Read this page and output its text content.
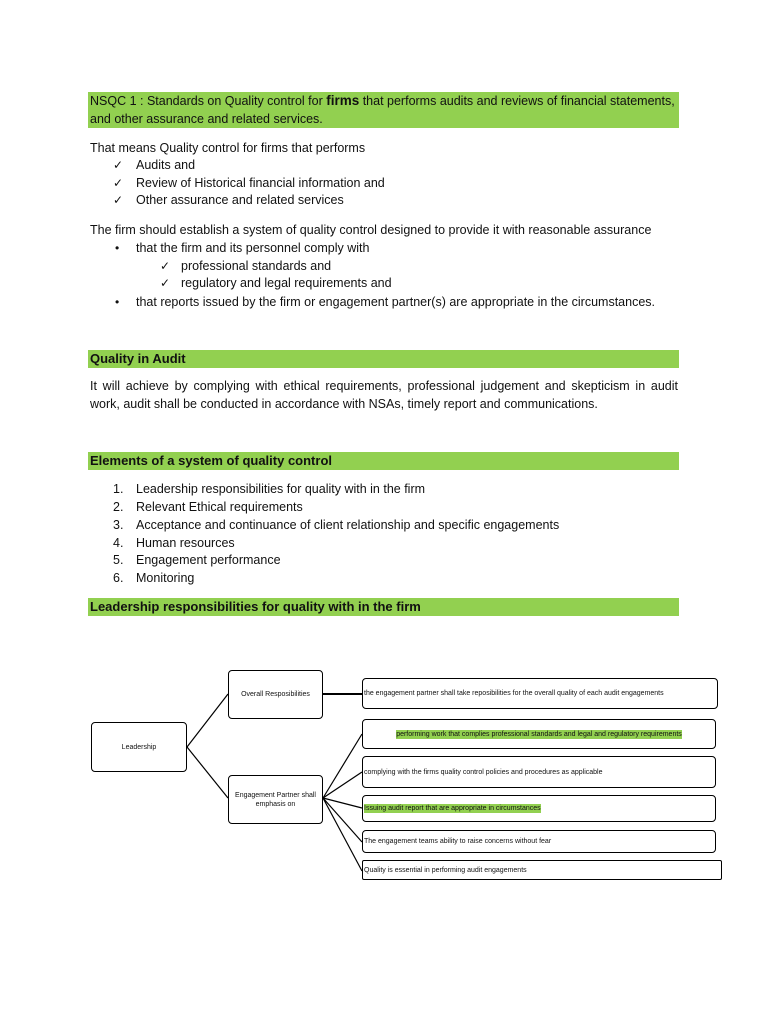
NSQC 1 : Standards on Quality control for firms that performs audits and reviews of financial statements, and other assurance and related services.
That means Quality control for firms that performs
✓ Audits and
✓ Review of Historical financial information and
✓ Other assurance and related services
The firm should establish a system of quality control designed to provide it with reasonable assurance
• that the firm and its personnel comply with
✓ professional standards and
✓ regulatory and legal requirements and
• that reports issued by the firm or engagement partner(s) are appropriate in the circumstances.
Quality in Audit
It will achieve by complying with ethical requirements, professional judgement and skepticism in audit work, audit shall be conducted in accordance with NSAs, timely report and communications.
Elements of a system of quality control
1. Leadership responsibilities for quality with in the firm
2. Relevant Ethical requirements
3. Acceptance and continuance of client relationship and specific engagements
4. Human resources
5. Engagement performance
6. Monitoring
Leadership responsibilities for quality with in the firm
Leadership
Overall Resposibilities
Engagement Partner shall emphasis on
the engagement partner shall take reposibilities for the overall quality of each audit engagements
performing work that complies professional standards and legal and regulatory requirements
complying with the firms quality control policies and procedures as applicable
Issuing audit report that are appropriate in circumstances
The engagement teams ability to raise concerns without fear
Quality is essential in performing audit engagements
